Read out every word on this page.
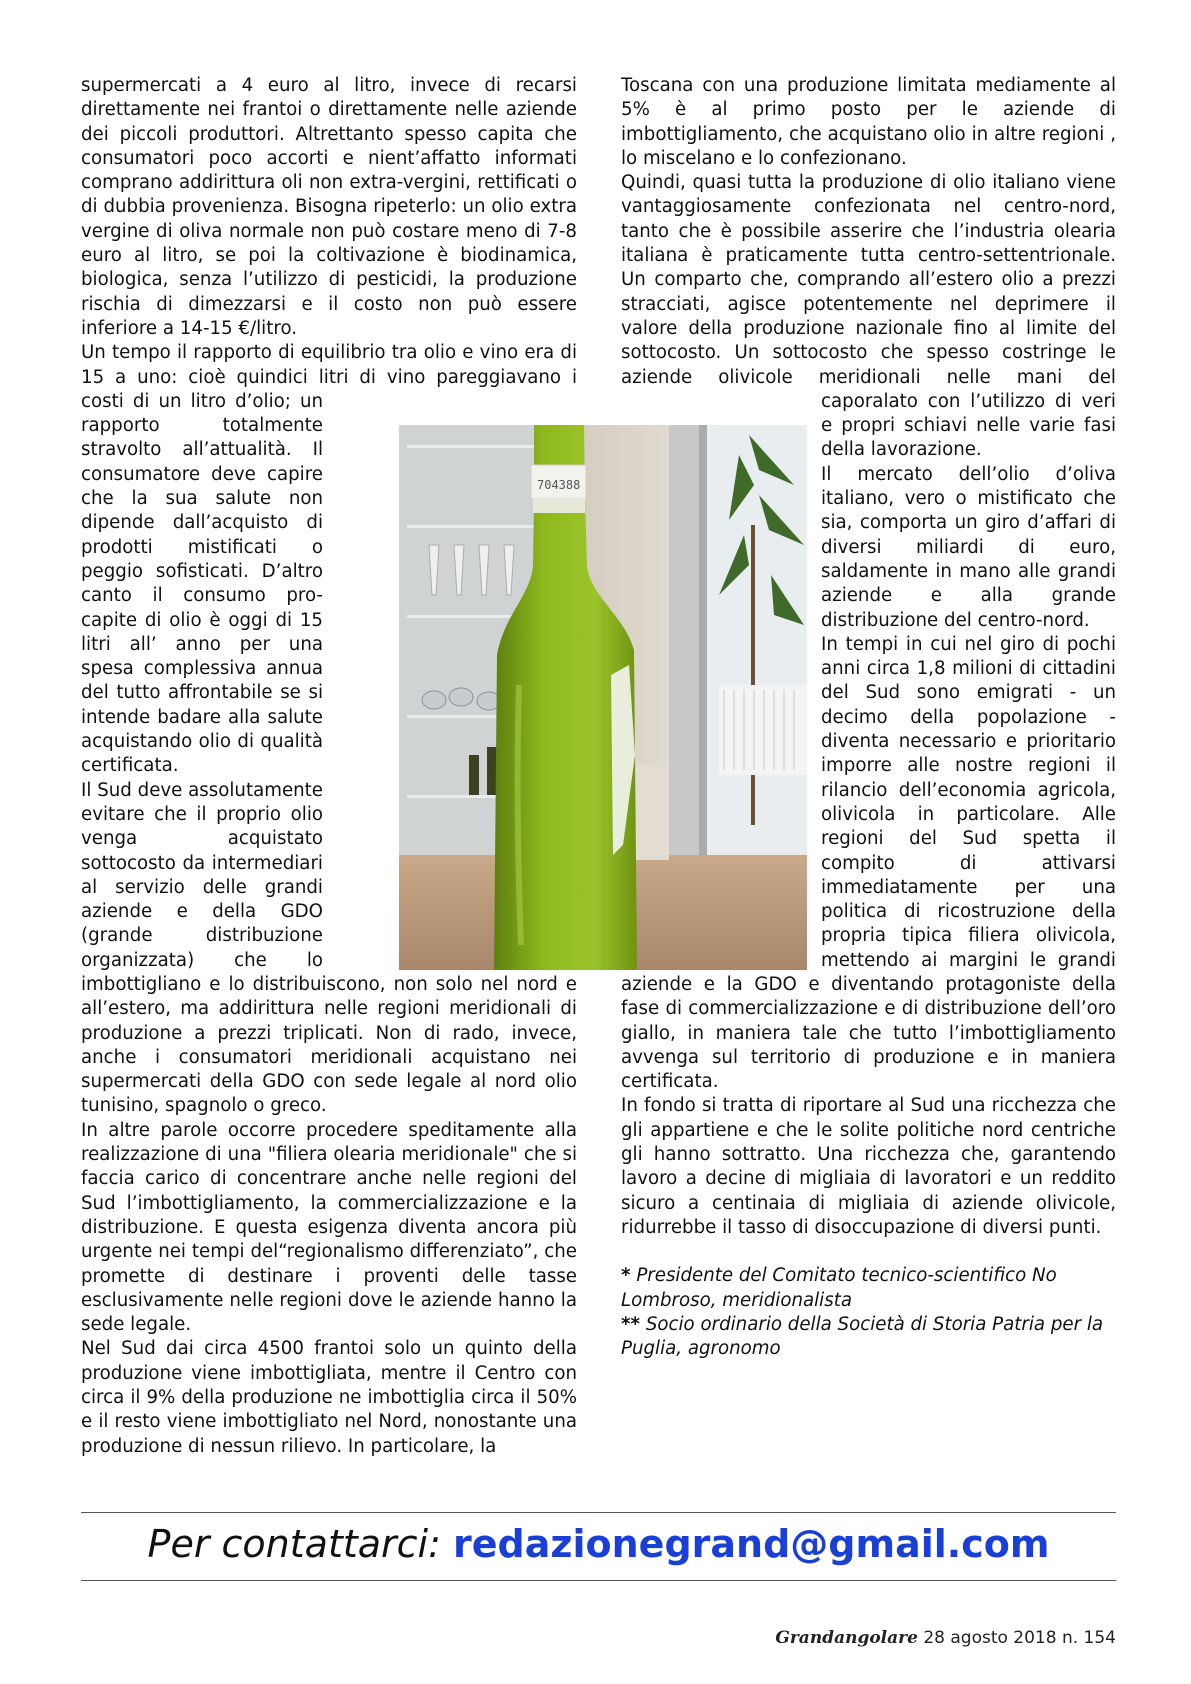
704388

supermercati a 4 euro al litro, invece di recarsi direttamente nei frantoi o direttamente nelle aziende dei piccoli produttori. Altrettanto spesso capita che consumatori poco accorti e nient’affatto informati comprano addirittura oli non extra-vergini, rettificati o di dubbia provenienza. Bisogna ripeterlo: un olio extra vergine di oliva normale non può costare meno di 7-8 euro al litro, se poi la coltivazione è biodinamica, biologica, senza l’utilizzo di pesticidi, la produzione rischia di dimezzarsi e il costo non può essere inferiore a 14-15 €/litro.

Un tempo il rapporto di equilibrio tra olio e vino era di 15 a uno: cioè quindici litri di vino pareggiavano i costi di un litro d’olio; un rapporto totalmente stravolto all’attualità. Il consumatore deve capire che la sua salute non dipende dall’acquisto di prodotti mistificati o peggio sofisticati. D’altro canto il consumo pro-capite di olio è oggi di 15 litri all’ anno per una spesa complessiva annua del tutto affrontabile se si intende badare alla salute acquistando olio di qualità certificata.

Il Sud deve assolutamente evitare che il proprio olio venga acquistato sottocosto da intermediari al servizio delle grandi aziende e della GDO (grande distribuzione organizzata) che lo imbottigliano e lo distribuiscono, non solo nel nord e all’estero, ma addirittura nelle regioni meridionali di produzione a prezzi triplicati. Non di rado, invece, anche i consumatori meridionali acquistano nei supermercati della GDO con sede legale al nord olio tunisino, spagnolo o greco.

In altre parole occorre procedere speditamente alla realizzazione di una "filiera olearia meridionale" che si faccia carico di concentrare anche nelle regioni del Sud l’imbottigliamento, la commercializzazione e la distribuzione. E questa esigenza diventa ancora più urgente nei tempi del“regionalismo differenziato”, che promette di destinare i proventi delle tasse esclusivamente nelle regioni dove le aziende hanno la sede legale.

Nel Sud dai circa 4500 frantoi solo un quinto della produzione viene imbottigliata, mentre il Centro con circa il 9% della produzione ne imbottiglia circa il 50% e il resto viene imbottigliato nel Nord, nonostante una produzione di nessun rilievo. In particolare, la

Toscana con una produzione limitata mediamente al 5% è al primo posto per le aziende di imbottigliamento, che acquistano olio in altre regioni , lo miscelano e lo confezionano.

Quindi, quasi tutta la produzione di olio italiano viene vantaggiosamente confezionata nel centro-nord, tanto che è possibile asserire che l’industria olearia italiana è praticamente tutta centro-settentrionale. Un comparto che, comprando all’estero olio a prezzi stracciati, agisce potentemente nel deprimere il valore della produzione nazionale fino al limite del sottocosto. Un sottocosto che spesso costringe le aziende olivicole meridionali nelle mani del caporalato con l’utilizzo di veri e propri schiavi nelle varie fasi della lavorazione.

Il mercato dell’olio d’oliva italiano, vero o mistificato che sia, comporta un giro d’affari di diversi miliardi di euro, saldamente in mano alle grandi aziende e alla grande distribuzione del centro-nord.

In tempi in cui nel giro di pochi anni circa 1,8 milioni di cittadini del Sud sono emigrati - un decimo della popolazione - diventa necessario e prioritario imporre alle nostre regioni il rilancio dell’economia agricola, olivicola in particolare. Alle regioni del Sud spetta il compito di attivarsi immediatamente per una politica di ricostruzione della propria tipica filiera olivicola, mettendo ai margini le grandi aziende e la GDO e diventando protagoniste della fase di commercializzazione e di distribuzione dell’oro giallo, in maniera tale che tutto l’imbottigliamento avvenga sul territorio di produzione e in maniera certificata.

In fondo si tratta di riportare al Sud una ricchezza che gli appartiene e che le solite politiche nord centriche gli hanno sottratto. Una ricchezza che, garantendo lavoro a decine di migliaia di lavoratori e un reddito sicuro a centinaia di migliaia di aziende olivicole, ridurrebbe il tasso di disoccupazione di diversi punti.

* Presidente del Comitato tecnico-scientifico No Lombroso, meridionalista

** Socio ordinario della Società di Storia Patria per la Puglia, agronomo

Per contattarci: redazionegrand@gmail.com
Grandangolare 28 agosto 2018 n. 154
